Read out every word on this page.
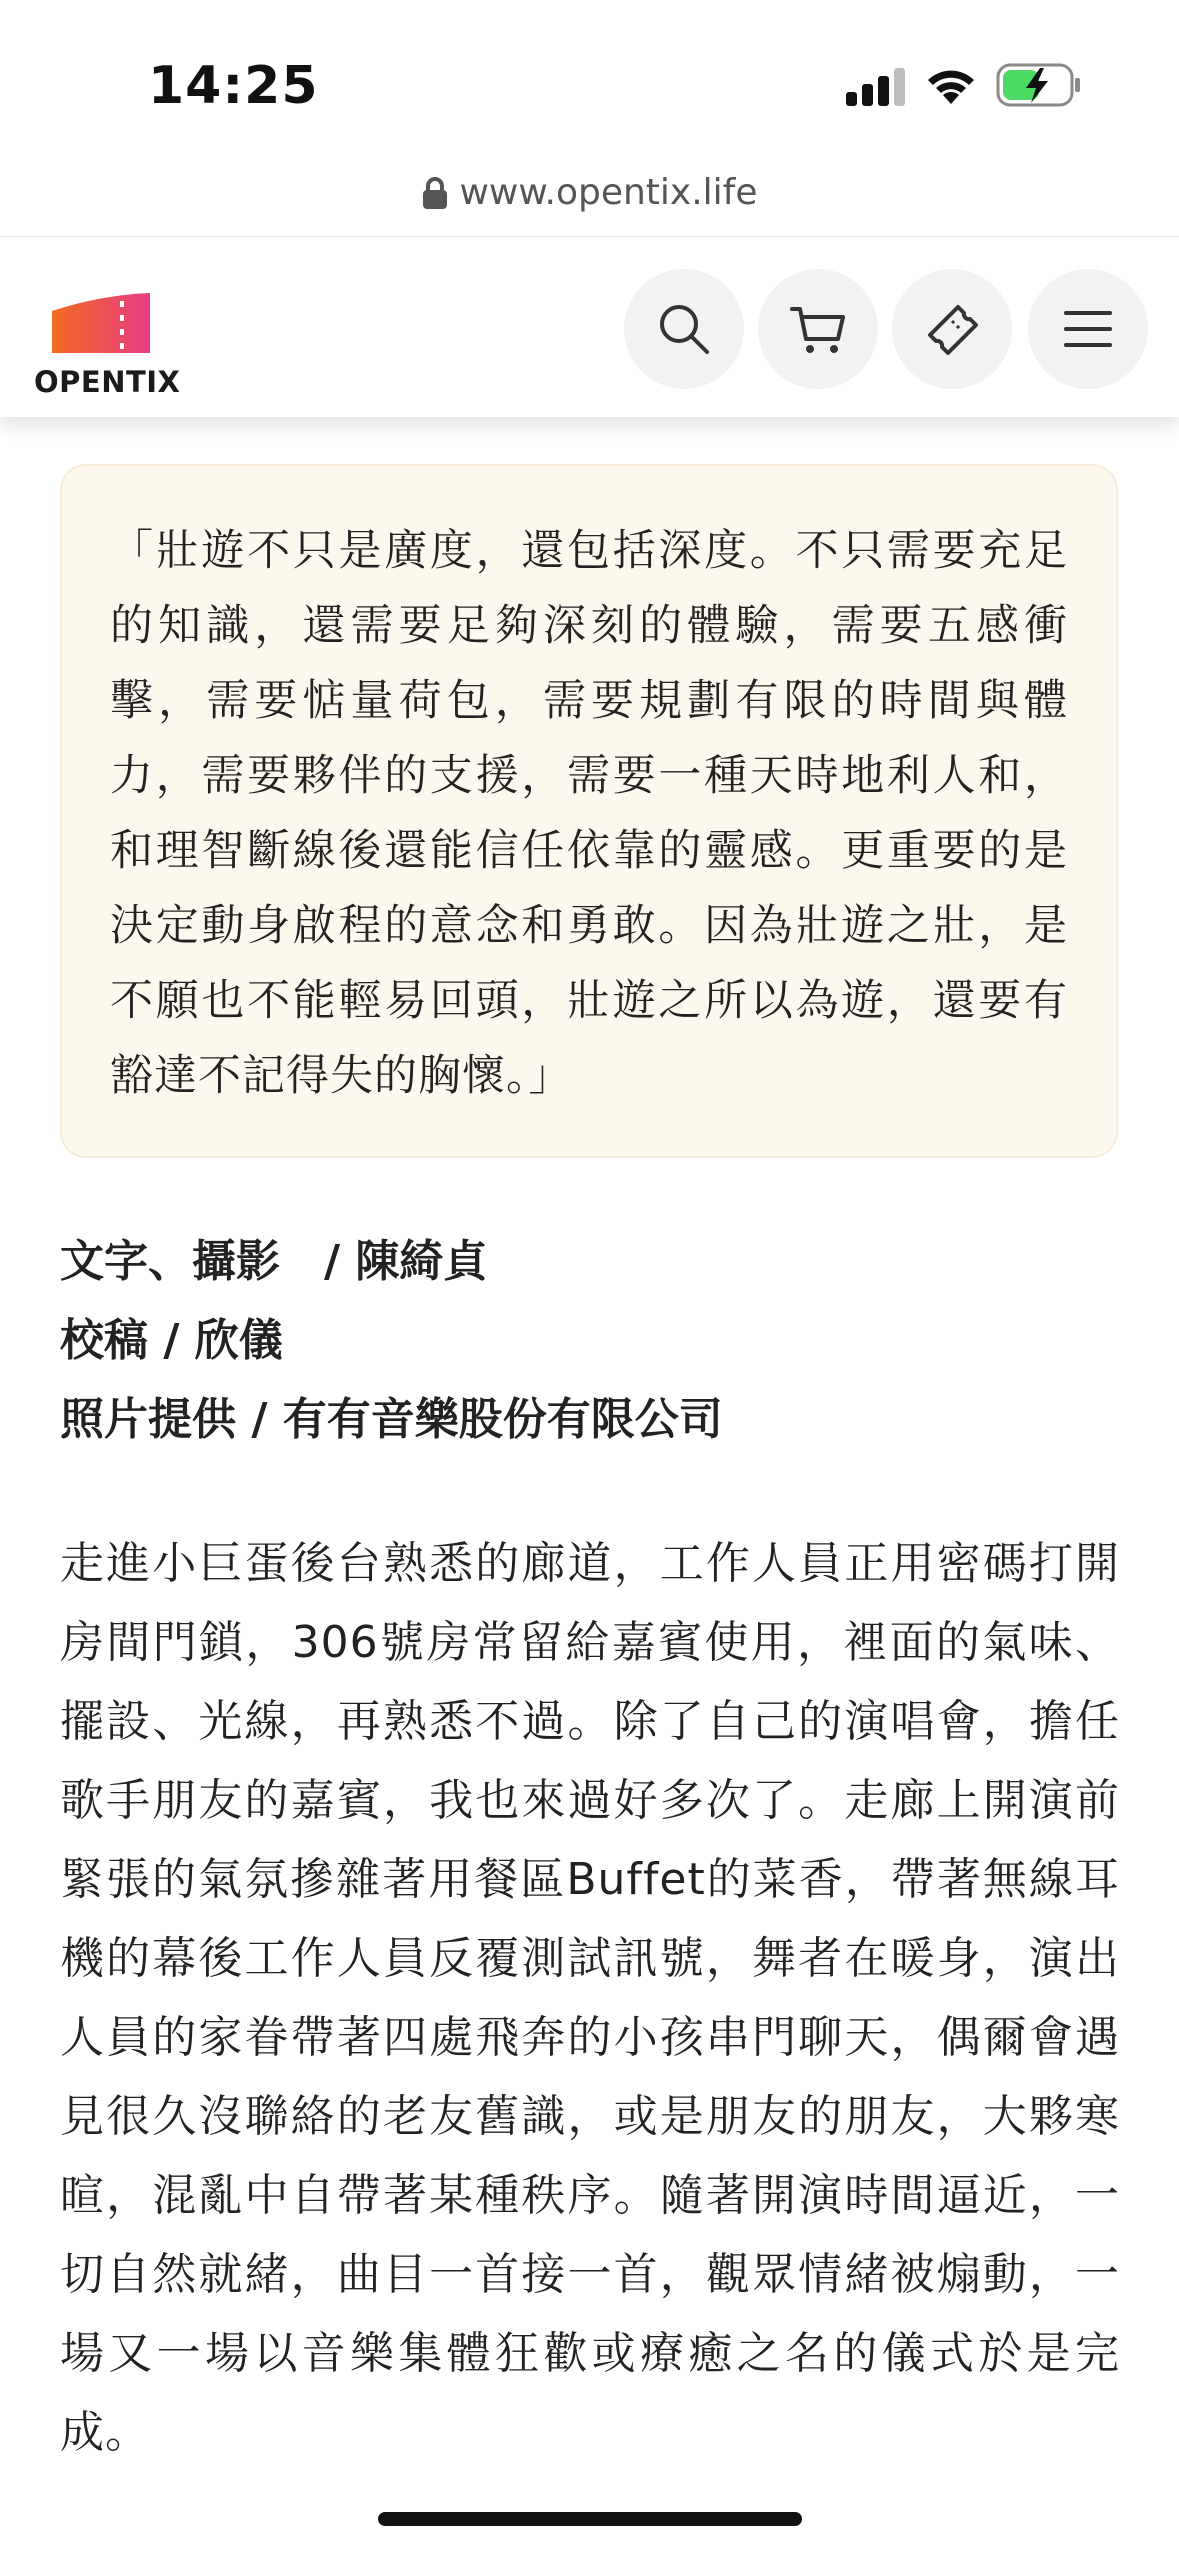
14:25
www.opentix.life
OPENTIX
「壯遊不只是廣度，還包括深度。不只需要充足的知識，還需要足夠深刻的體驗，需要五感衝擊，需要惦量荷包，需要規劃有限的時間與體力，需要夥伴的支援，需要一種天時地利人和，和理智斷線後還能信任依靠的靈感。更重要的是決定動身啟程的意念和勇敢。因為壯遊之壯，是不願也不能輕易回頭，壯遊之所以為遊，還要有豁達不記得失的胸懷。」
文字、攝影　/ 陳綺貞
校稿 / 欣儀
照片提供 / 有有音樂股份有限公司
走進小巨蛋後台熟悉的廊道，工作人員正用密碼打開房間門鎖，306號房常留給嘉賓使用，裡面的氣味、擺設、光線，再熟悉不過。除了自己的演唱會，擔任歌手朋友的嘉賓，我也來過好多次了。走廊上開演前緊張的氣氛摻雜著用餐區Buffet的菜香，帶著無線耳機的幕後工作人員反覆測試訊號，舞者在暖身，演出人員的家眷帶著四處飛奔的小孩串門聊天，偶爾會遇見很久沒聯絡的老友舊識，或是朋友的朋友，大夥寒暄，混亂中自帶著某種秩序。隨著開演時間逼近，一切自然就緒，曲目一首接一首，觀眾情緒被煽動，一場又一場以音樂集體狂歡或療癒之名的儀式於是完成。
